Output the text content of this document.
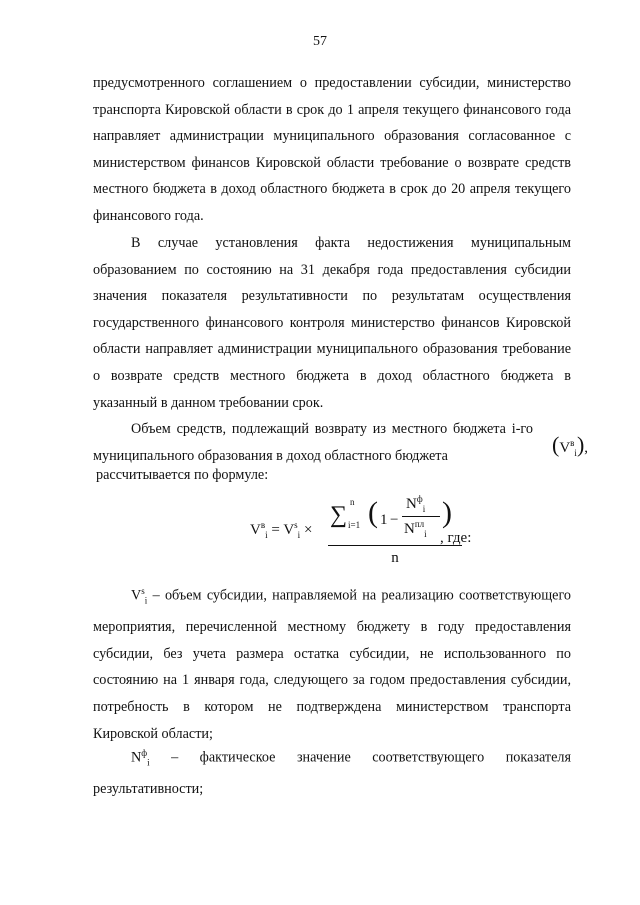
57

предусмотренного соглашением о предоставлении субсидии, министерство транспорта Кировской области в срок до 1 апреля текущего финансового года направляет администрации муниципального образования согласованное с министерством финансов Кировской области требование о возврате средств местного бюджета в доход областного бюджета в срок до 20 апреля текущего финансового года.

В случае установления факта недостижения муниципальным образованием по состоянию на 31 декабря года предоставления субсидии значения показателя результативности по результатам осуществления государственного финансового контроля министерство финансов Кировской области направляет администрации муниципального образования требование о возврате средств местного бюджета в доход областного бюджета в указанный в данном требовании срок.

Объем средств, подлежащий возврату из местного бюджета i-го муниципального образования в доход областного бюджета	$(V^в_i)$,

рассчитывается по формуле:

$V^в_i = V^s_i$ ×
∑ n
i=1 ( 1 −
$N^ф_i$
$N^{пл}_i$
)
n
, где:
$V^s_i$ – объем субсидии, направляемой на реализацию соответствующего мероприятия, перечисленной местному бюджету в году предоставления субсидии, без учета размера остатка субсидии, не использованного по состоянию на 1 января года, следующего за годом предоставления субсидии, потребность в котором не подтверждена министерством транспорта Кировской области;
$N^ф_i$ – фактическое значение соответствующего показателя результативности;
